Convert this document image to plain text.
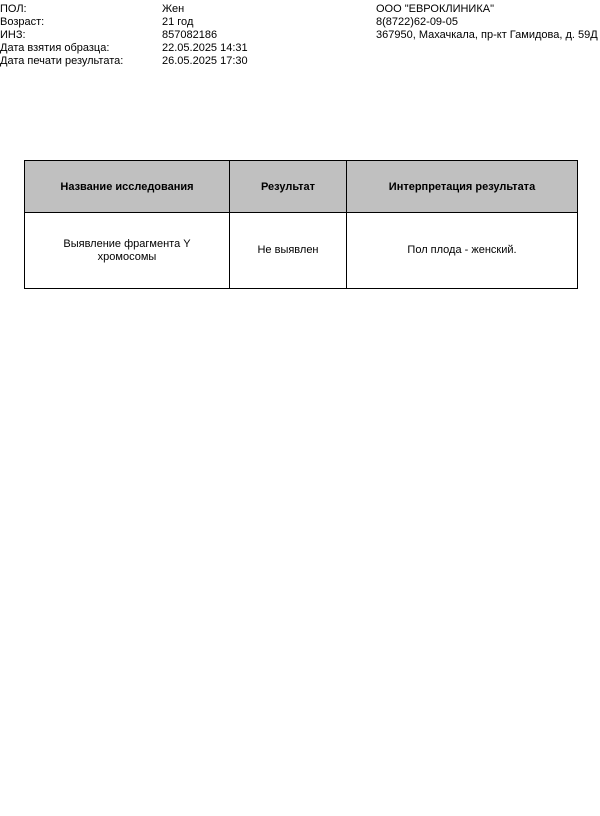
ПОЛ:	Жен
Возраст:	21 год
ИНЗ:	857082186
Дата взятия образца:	22.05.2025 14:31
Дата печати результата:	26.05.2025 17:30
ООО "ЕВРОКЛИНИКА"
8(8722)62-09-05
367950, Махачкала, пр-кт Гамидова, д. 59Д
Название исследования	Результат	Интерпретация результата
Выявление фрагмента Y хромосомы	Не выявлен	Пол плода - женский.
